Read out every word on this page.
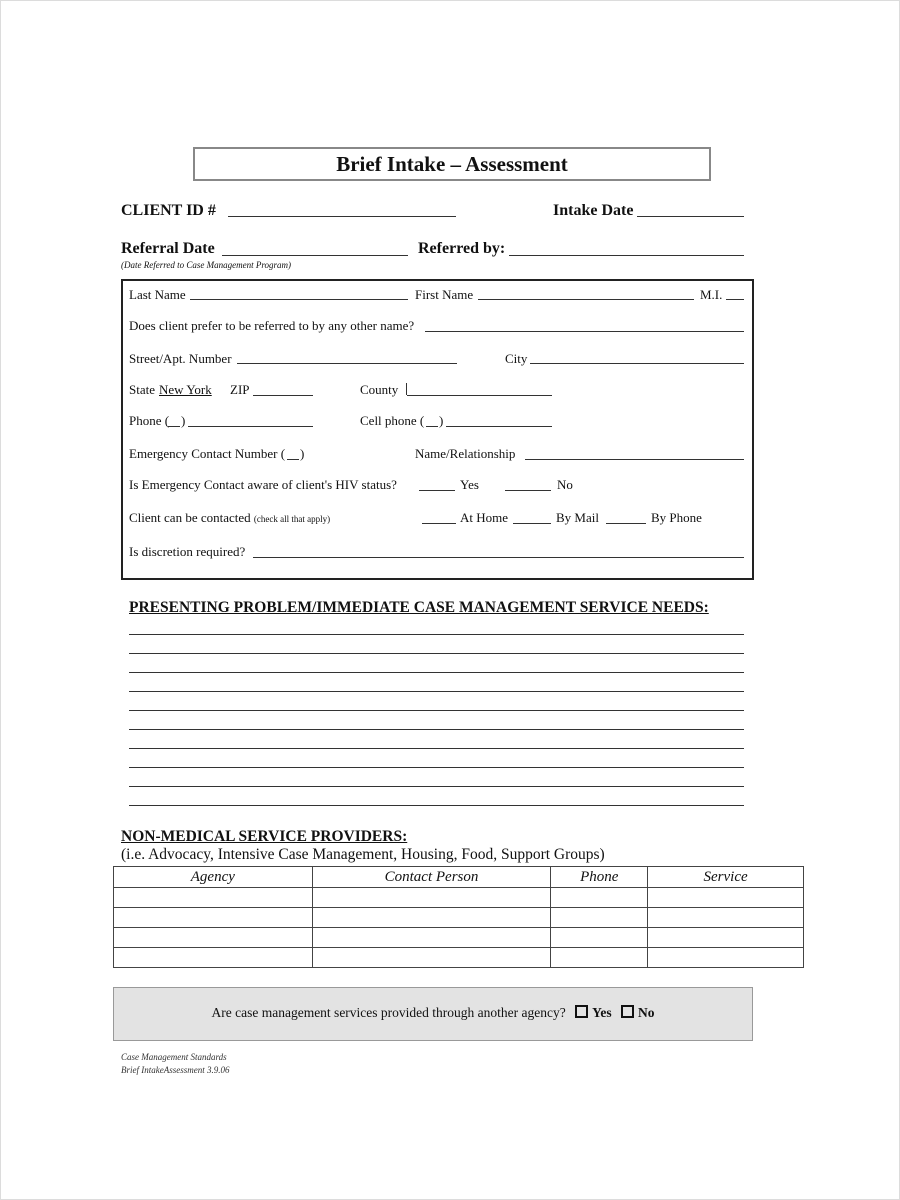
Brief Intake – Assessment
CLIENT ID #	Intake Date
Referral Date	Referred by:
(Date Referred to Case Management Program)
Last Name	First Name	M.I.
Does client prefer to be referred to by any other name?
Street/Apt. Number	City
State New York ZIP	County
Phone ( )	Cell phone ( )
Emergency Contact Number ( )	Name/Relationship
Is Emergency Contact aware of client's HIV status?	Yes	No
Client can be contacted (check all that apply)	At Home	By Mail	By Phone
Is discretion required?
PRESENTING PROBLEM/IMMEDIATE CASE MANAGEMENT SERVICE NEEDS:
NON-MEDICAL SERVICE PROVIDERS:
(i.e. Advocacy, Intensive Case Management, Housing, Food, Support Groups)
Agency	Contact Person	Phone	Service

Are case management services provided through another agency? Yes No
Case Management Standards
Brief IntakeAssessment 3.9.06
